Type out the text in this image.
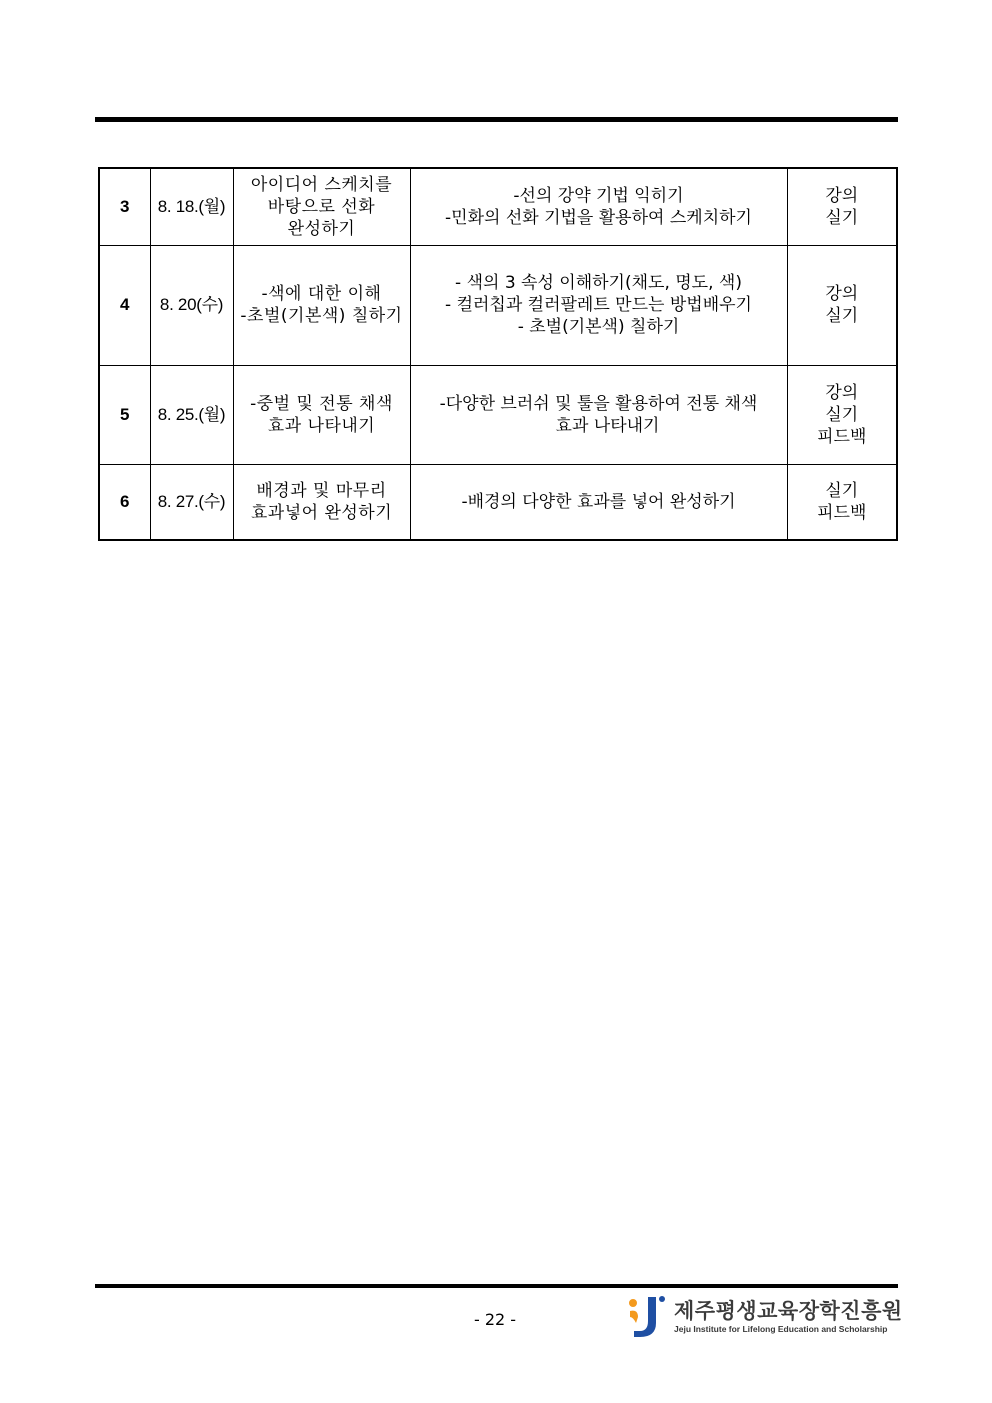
3	8. 18.(월)	아이디어 스케치를
바탕으로 선화
완성하기	-선의 강약 기법 익히기
-민화의 선화 기법을 활용하여 스케치하기	강의
실기

4	8. 20(수)	-색에 대한 이해
-초벌(기본색) 칠하기	- 색의 3 속성 이해하기(채도, 명도, 색)
- 컬러칩과 컬러팔레트 만드는 방법배우기
- 초벌(기본색) 칠하기	강의
실기

5	8. 25.(월)	-중벌 및 전통 채색
효과 나타내기	-다양한 브러쉬 및 툴을 활용하여 전통 채색
효과 나타내기	강의
실기
피드백

6	8. 27.(수)	배경과 및 마무리
효과넣어 완성하기	-배경의 다양한 효과를 넣어 완성하기	실기
피드백
- 22 -	제주평생교육장학진흥원
Jeju Institute for Lifelong Education and Scholarship
